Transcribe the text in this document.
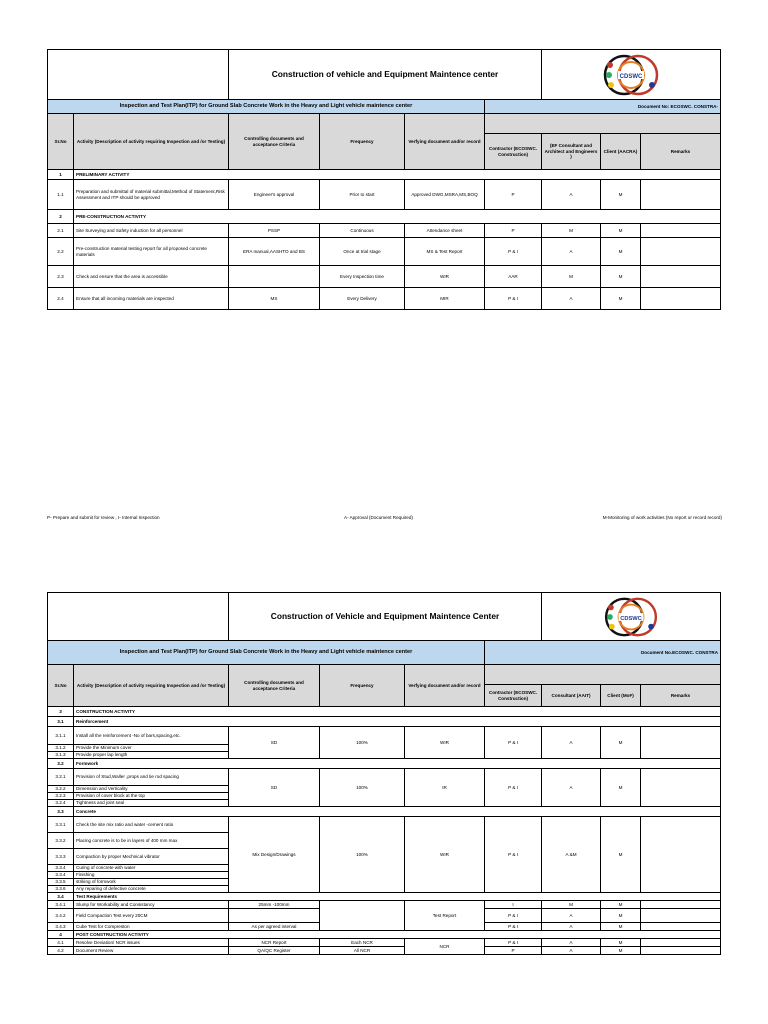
		Construction of vehicle and Equipment Maintence center				CDSWC		

Inspection and Test Plan(ITP) for Ground Slab Concrete Work in the Heavy and Light vehicle maintence center					Document No: ECOSWC. CONSTRA-			
Sr.No	Activity (Description of activity requiring Inspection and /or Testing)	Controlling documents and acceptance Criteria	Frequency	Verfying document and/or record				
					Contractor (ECOSWC. Construction)	(EF Consultant and Architect and Engineers )	Client (AACRA)	Remarks
1	PRELIMINARY ACTIVITY							
1.1	Preparation and submittal of material submittal,Method of Statement,Risk Assessment and ITP should be approved	Engineer's approval	Prior to start	Approved DWG,MSRA,MS,BOQ	P	A	M	
2	PRE-CONSTRUCTION ACTIVITY							
2.1	Site Surveying and Safety induction for all personnel	PSSP	Continuous	Attendance sheet	P	M	M	
2.2	Pre-construction material testing report for all proposed concrete materials	ERA manual,AASHTO and BS	Once at trial stage	MS & Test Report	P & I	A	M	
2.3	Check and ensure that the area is accessible		Every Inspection time	WIR	AAR	M	M	
2.4	Ensure that all incoming materials are inspected	MS	Every Delivery	MIR	P & I	A	M	
P- Prepare and submit for review , I- Internal Inspection	A- Approval (Document Required)	M-Monitoring of work activities (No report or record record)
		Construction of Vehicle and Equipment Maintence Center				CDSWC		

Inspection and Test Plan(ITP) for Ground Slab Concrete Work in the Heavy and Light vehicle maintence center					Document No.ECOSWC. CONSTRA			
Sr.No	Activity (Description of activity requiring Inspection and /or Testing)	Controlling documents and acceptance Criteria	Frequency	Verfying document and/or record				
					Contractor (ECOSWC. Construction)	Consultant (AAIT)	Client (MoF)	Remarks
3	CONSTRUCTION ACTIVITY							
3.1	Reinforcement							
3.1.1	Install all the reinforcement -No of bars,spacing,etc.	SD	100%	WIR	P & I	A	M	
3.1.2	Provide the Minimum cover							
3.1.3	Provide proper lap length							
3.2	Formwork							
3.2.1	Provision of Stud,Waller ,props and tie rod spacing	SD	100%	IR	P & I	A	M	
3.2.2	Dimension and Verticality							
3.2.3	Provision of cover block at the top							
3.2.4	Tightness and joint seal							
3.3	Concrete							
3.3.1	Check the site mix ratio and water -cement ratio	Mix Design/Drawings	100%	WIR	P & I	A &M	M	
3.3.2	Placing concrete is to be in layers of 400 mm max							
3.3.3	Compaction by proper Mechnical vibrator							
3.3.4	Curing of concrete with water							
3.3.4	Finishing							
3.3.5	striking of formwork							
3.3.6	Any reparing of defective concrete							
3.4	Test Requirements							
3.4.1	Slump for Workability and Consistancy	25mm -100mm		Test Report	I	M	M	
3.4.2	Field Compaction Test every 20CM				P & I	A	M	
3.4.3	Cube Test for Compreston	As per agreed interval			P & I	A	M	
4	POST CONSTRUCTION ACTIVITY							
4.1	Resolve Deviation/ NCR issues	NCR Report	Each NCR	NCR	P & I	A	M	
4.2	Document Review	QA/QC Register	All NCR		P	A	M	
